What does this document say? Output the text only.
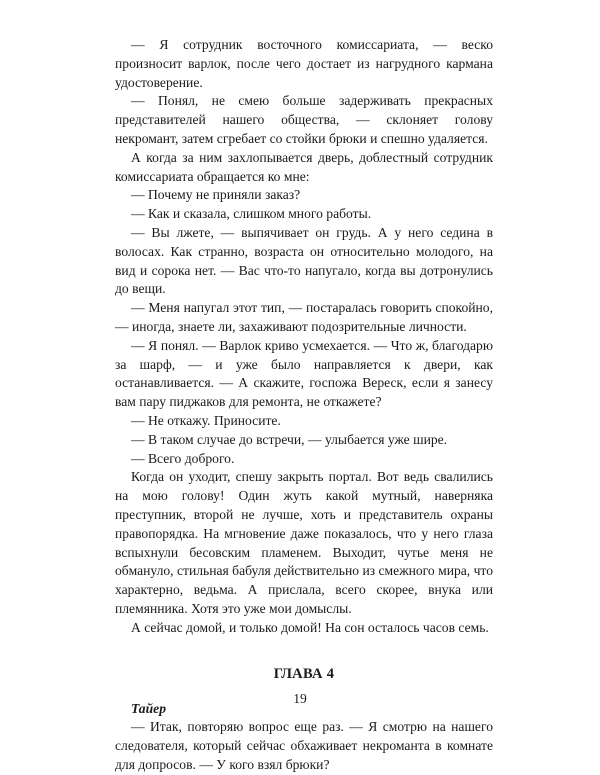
— Я сотрудник восточного комиссариата, — веско произносит варлок, после чего достает из нагрудного кармана удостоверение.

— Понял, не смею больше задерживать прекрасных представителей нашего общества, — склоняет голову некромант, затем сгребает со стойки брюки и спешно удаляется.

А когда за ним захлопывается дверь, доблестный сотрудник комиссариата обращается ко мне:

— Почему не приняли заказ?

— Как и сказала, слишком много работы.

— Вы лжете, — выпячивает он грудь. А у него седина в волосах. Как странно, возраста он относительно молодого, на вид и сорока нет. — Вас что-то напугало, когда вы дотронулись до вещи.

— Меня напугал этот тип, — постаралась говорить спокойно, — иногда, знаете ли, захаживают подозрительные личности.

— Я понял. — Варлок криво усмехается. — Что ж, благодарю за шарф, — и уже было направляется к двери, как останавливается. — А скажите, госпожа Вереск, если я занесу вам пару пиджаков для ремонта, не откажете?

— Не откажу. Приносите.

— В таком случае до встречи, — улыбается уже шире.

— Всего доброго.

Когда он уходит, спешу закрыть портал. Вот ведь свалились на мою голову! Один жуть какой мутный, наверняка преступник, второй не лучше, хоть и представитель охраны правопорядка. На мгновение даже показалось, что у него глаза вспыхнули бесовским пламенем. Выходит, чутье меня не обмануло, стильная бабуля действительно из смежного мира, что характерно, ведьма. А прислала, всего скорее, внука или племянника. Хотя это уже мои домыслы.

А сейчас домой, и только домой! На сон осталось часов семь.

ГЛАВА 4

Тайер

— Итак, повторяю вопрос еще раз. — Я смотрю на нашего следователя, который сейчас обхаживает некроманта в комнате для допросов. — У кого взял брюки?

19
